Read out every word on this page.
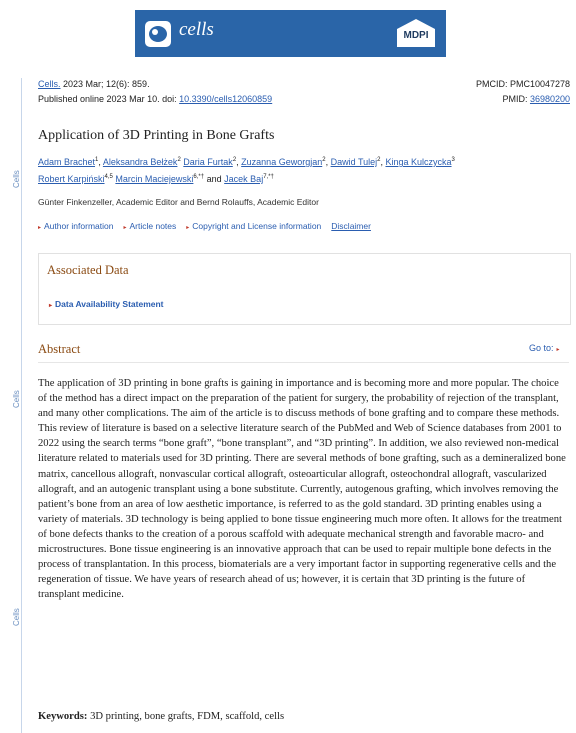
cells	MDPI
Cells
Cells
Cells
Cells. 2023 Mar; 12(6): 859.
Published online 2023 Mar 10. doi: 10.3390/cells12060859
PMCID: PMC10047278
PMID: 36980200
Application of 3D Printing in Bone Grafts
Adam Brachet$^1$, Aleksandra Bełżek$^2$ Daria Furtak$^2$, Zuzanna Geworgjan$^2$, Dawid Tulej$^2$, Kinga Kulczycka$^3$
Robert Karpiński$^{4,5}$ Marcin Maciejewski$^{6,*\dagger}$ and Jacek Baj$^{7,*\dagger}$
Günter Finkenzeller, Academic Editor and Bernd Rolauffs, Academic Editor
▸ Author information ▸ Article notes ▸ Copyright and License information Disclaimer
Associated Data
▸ Data Availability Statement
Abstract	Go to: ▸
The application of 3D printing in bone grafts is gaining in importance and is becoming more and more popular. The choice of the method has a direct impact on the preparation of the patient for surgery, the probability of rejection of the transplant, and many other complications. The aim of the article is to discuss methods of bone grafting and to compare these methods. This review of literature is based on a selective literature search of the PubMed and Web of Science databases from 2001 to 2022 using the search terms “bone graft”, “bone transplant”, and “3D printing”. In addition, we also reviewed non-medical literature related to materials used for 3D printing. There are several methods of bone grafting, such as a demineralized bone matrix, cancellous allograft, nonvascular cortical allograft, osteoarticular allograft, osteochondral allograft, vascularized allograft, and an autogenic transplant using a bone substitute. Currently, autogenous grafting, which involves removing the patient’s bone from an area of low aesthetic importance, is referred to as the gold standard. 3D printing enables using a variety of materials. 3D technology is being applied to bone tissue engineering much more often. It allows for the treatment of bone defects thanks to the creation of a porous scaffold with adequate mechanical strength and favorable macro- and microstructures. Bone tissue engineering is an innovative approach that can be used to repair multiple bone defects in the process of transplantation. In this process, biomaterials are a very important factor in supporting regenerative cells and the regeneration of tissue. We have years of research ahead of us; however, it is certain that 3D printing is the future of transplant medicine.
Keywords: 3D printing, bone grafts, FDM, scaffold, cells
